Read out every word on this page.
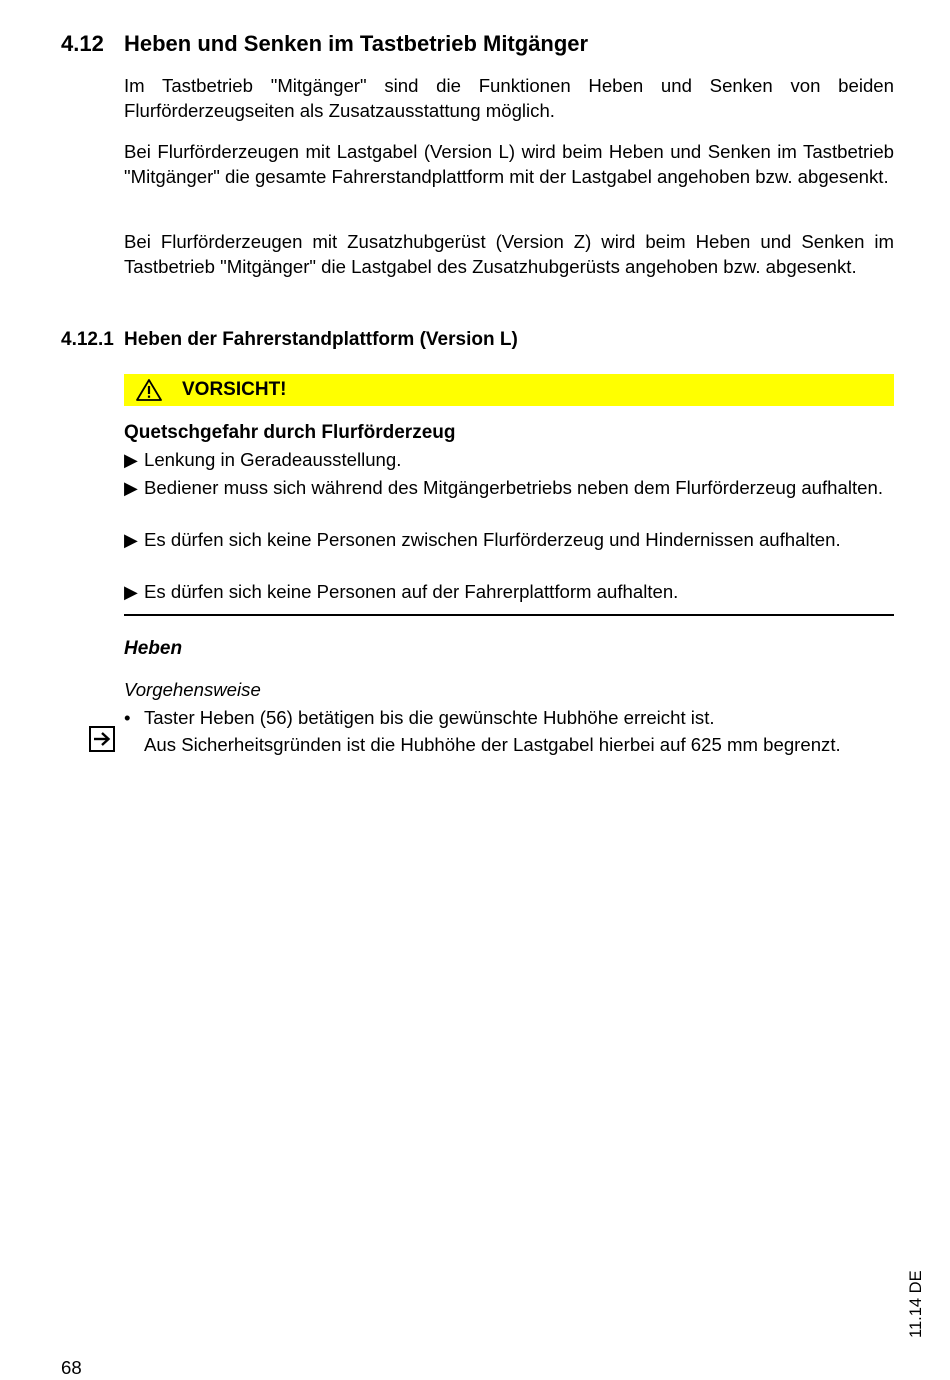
4.12 Heben und Senken im Tastbetrieb Mitgänger
Im Tastbetrieb "Mitgänger" sind die Funktionen Heben und Senken von beiden Flurförderzeugseiten als Zusatzausstattung möglich.
Bei Flurförderzeugen mit Lastgabel (Version L) wird beim Heben und Senken im Tastbetrieb "Mitgänger" die gesamte Fahrerstandplattform mit der Lastgabel angehoben bzw. abgesenkt.
Bei Flurförderzeugen mit Zusatzhubgerüst (Version Z) wird beim Heben und Senken im Tastbetrieb "Mitgänger" die Lastgabel des Zusatzhubgerüsts angehoben bzw. abgesenkt.
4.12.1 Heben der Fahrerstandplattform (Version L)
VORSICHT!
Quetschgefahr durch Flurförderzeug
▶ Lenkung in Geradeausstellung.
▶ Bediener muss sich während des Mitgängerbetriebs neben dem Flurförderzeug aufhalten.
▶ Es dürfen sich keine Personen zwischen Flurförderzeug und Hindernissen aufhalten.
▶ Es dürfen sich keine Personen auf der Fahrerplattform aufhalten.
Heben
Vorgehensweise
• Taster Heben (56) betätigen bis die gewünschte Hubhöhe erreicht ist.
Aus Sicherheitsgründen ist die Hubhöhe der Lastgabel hierbei auf 625 mm begrenzt.
11.14 DE
68
